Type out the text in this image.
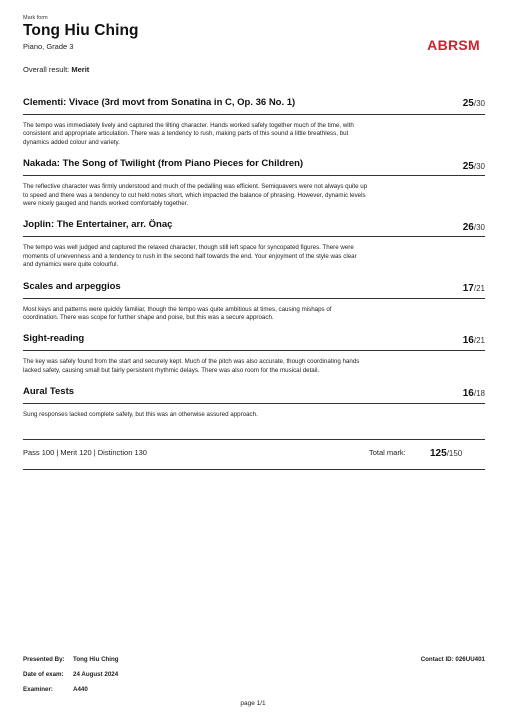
Mark form
Tong Hiu Ching
Piano, Grade 3	ABRSM
Overall result: Merit
Clementi: Vivace (3rd movt from Sonatina in C, Op. 36 No. 1)	25/30
The tempo was immediately lively and captured the lilting character. Hands worked safely together much of the time, with consistent and appropriate articulation. There was a tendency to rush, making parts of this sound a little breathless, but dynamics added colour and variety.
Nakada: The Song of Twilight (from Piano Pieces for Children)	25/30
The reflective character was firmly understood and much of the pedalling was efficient. Semiquavers were not always quite up to speed and there was a tendency to cut held notes short, which impacted the balance of phrasing. However, dynamic levels were nicely gauged and hands worked comfortably together.
Joplin: The Entertainer, arr. Önaç	26/30
The tempo was well judged and captured the relaxed character, though still left space for syncopated figures. There were moments of unevenness and a tendency to rush in the second half towards the end. Your enjoyment of the style was clear and dynamics were quite colourful.
Scales and arpeggios	17/21
Most keys and patterns were quickly familiar, though the tempo was quite ambitious at times, causing mishaps of coordination. There was scope for further shape and poise, but this was a secure approach.
Sight-reading	16/21
The key was safely found from the start and securely kept. Much of the pitch was also accurate, though coordinating hands lacked safety, causing small but fairly persistent rhythmic delays. There was also room for the musical detail.
Aural Tests	16/18
Sung responses lacked complete safety, but this was an otherwise assured approach.
Pass 100 | Merit 120 | Distinction 130	Total mark: 125/150
Presented By: Tong Hiu Ching
Date of exam: 24 August 2024
Examiner:	A440
Contact ID: 026UU401
page 1/1
